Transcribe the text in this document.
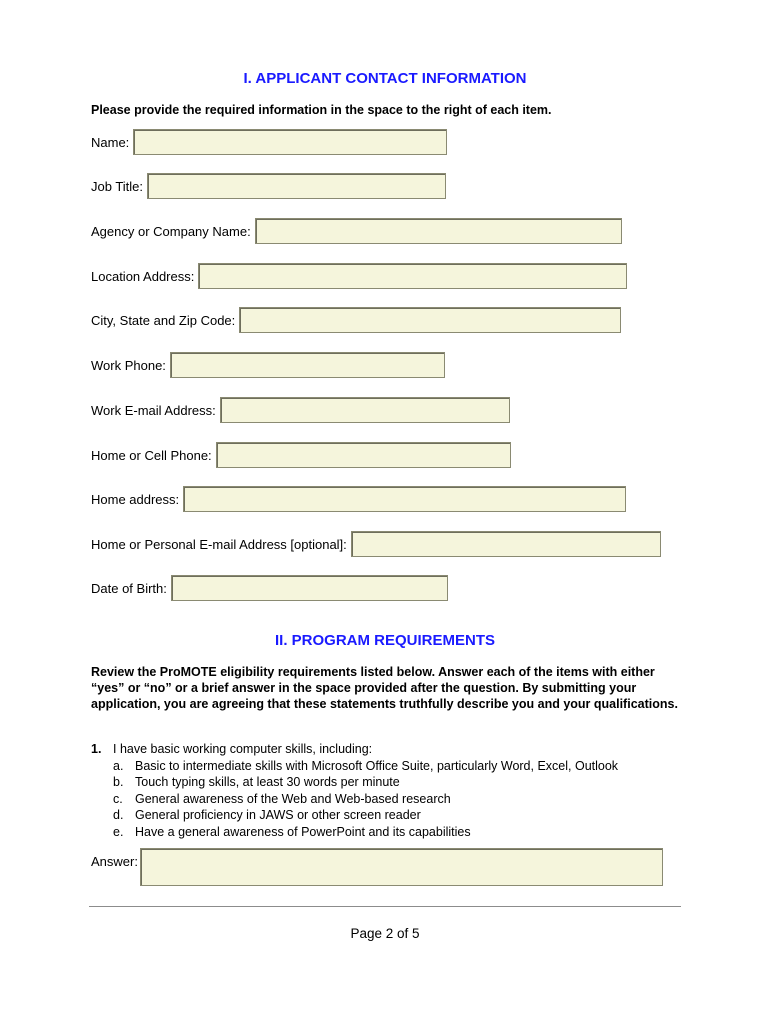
I. APPLICANT CONTACT INFORMATION
Please provide the required information in the space to the right of each item.
Name:
Job Title:
Agency or Company Name:
Location Address:
City, State and Zip Code:
Work Phone:
Work E-mail Address:
Home or Cell Phone:
Home address:
Home or Personal E-mail Address [optional]:
Date of Birth:
II. PROGRAM REQUIREMENTS
Review the ProMOTE eligibility requirements listed below. Answer each of the items with either “yes” or “no” or a brief answer in the space provided after the question. By submitting your application, you are agreeing that these statements truthfully describe you and your qualifications.
1. I have basic working computer skills, including:
a. Basic to intermediate skills with Microsoft Office Suite, particularly Word, Excel, Outlook
b. Touch typing skills, at least 30 words per minute
c. General awareness of the Web and Web-based research
d. General proficiency in JAWS or other screen reader
e. Have a general awareness of PowerPoint and its capabilities
Answer:
Page 2 of 5
